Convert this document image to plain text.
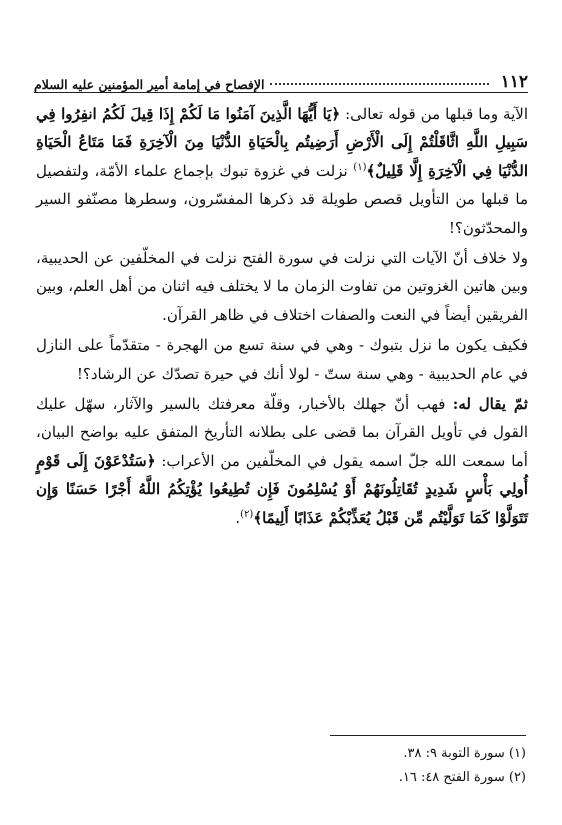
١١٢
الإفصاح في إمامة أمير المؤمنين عليه السلام

الآية وما قبلها من قوله تعالى: ﴿يَا أَيُّهَا الَّذِينَ آمَنُوا مَا لَكُمْ إِذَا قِيلَ لَكُمُ انفِرُوا فِي سَبِيلِ اللَّهِ اثَّاقَلْتُمْ إِلَى الْأَرْضِ أَرَضِيتُم بِالْحَيَاةِ الدُّنْيَا مِنَ الْآخِرَةِ فَمَا مَتَاعُ الْحَيَاةِ الدُّنْيَا فِي الْآخِرَةِ إِلَّا قَلِيلٌ﴾$^{(١)}$ نزلت في غزوة تبوك بإجماع علماء الأمّة، ولتفصيل ما قبلها من التأويل قصص طويلة قد ذكرها المفسّرون، وسطرها مصنّفو السير والمحدّثون؟!

ولا خلاف أنّ الآيات التي نزلت في سورة الفتح نزلت في المخلّفين عن الحديبية، وبين هاتين الغزوتين من تفاوت الزمان ما لا يختلف فيه اثنان من أهل العلم، وبين الفريقين أيضاً في النعت والصفات اختلاف في ظاهر القرآن.

فكيف يكون ما نزل بتبوك - وهي في سنة تسع من الهجرة - متقدّماً على النازل في عام الحديبية - وهي سنة ستّ - لولا أنك في حيرة تصدّك عن الرشاد؟!

ثمّ يقال له: فهب أنّ جهلك بالأخبار، وقلّة معرفتك بالسير والآثار، سهّل عليك القول في تأويل القرآن بما قضى على بطلانه التأريخ المتفق عليه بواضح البيان، أما سمعت الله جلّ اسمه يقول في المخلّفين من الأعراب: ﴿سَتُدْعَوْنَ إِلَى قَوْمٍ أُولِي بَأْسٍ شَدِيدٍ تُقَاتِلُونَهُمْ أَوْ يُسْلِمُونَ فَإِن تُطِيعُوا يُؤْتِكُمُ اللَّهُ أَجْرًا حَسَنًا وَإِن تَتَوَلَّوْا كَمَا تَوَلَّيْتُم مِّن قَبْلُ يُعَذِّبْكُمْ عَذَابًا أَلِيمًا﴾$^{(٢)}$.

(١) سورة التوبة ٩: ٣٨.
(٢) سورة الفتح ٤٨: ١٦.
